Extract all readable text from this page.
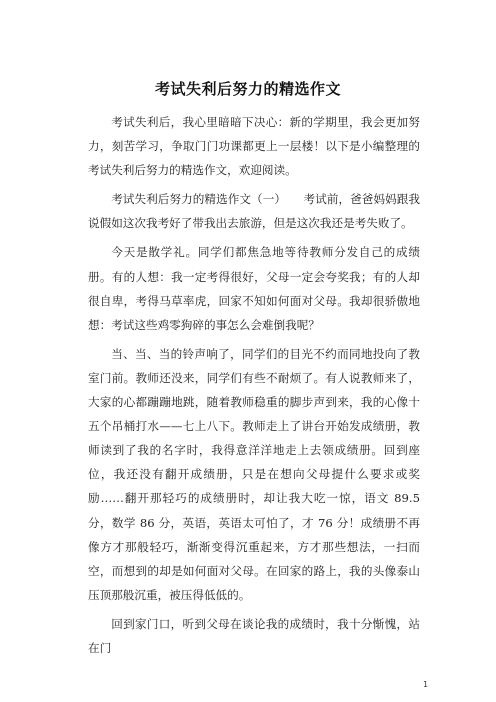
考试失利后努力的精选作文

考试失利后，我心里暗暗下决心：新的学期里，我会更加努力，刻苦学习，争取门门功课都更上一层楼！以下是小编整理的考试失利后努力的精选作文，欢迎阅读。

考试失利后努力的精选作文（一）　　考试前，爸爸妈妈跟我说假如这次我考好了带我出去旅游，但是这次我还是考失败了。

今天是散学礼。同学们都焦急地等待教师分发自己的成绩册。有的人想：我一定考得很好，父母一定会夸奖我；有的人却很自卑，考得马草率虎，回家不知如何面对父母。我却很骄傲地想：考试这些鸡零狗碎的事怎么会难倒我呢？

当、当、当的铃声响了，同学们的目光不约而同地投向了教室门前。教师还没来，同学们有些不耐烦了。有人说教师来了，大家的心都蹦蹦地跳，随着教师稳重的脚步声到来，我的心像十五个吊桶打水——七上八下。教师走上了讲台开始发成绩册，教师读到了我的名字时，我得意洋洋地走上去领成绩册。回到座位，我还没有翻开成绩册，只是在想向父母提什么要求或奖励……翻开那轻巧的成绩册时，却让我大吃一惊，语文 89.5 分，数学 86 分，英语，英语太可怕了，才 76 分！成绩册不再像方才那般轻巧，渐渐变得沉重起来，方才那些想法，一扫而空，而想到的却是如何面对父母。在回家的路上，我的头像泰山压顶那般沉重，被压得低低的。

回到家门口，听到父母在谈论我的成绩时，我十分惭愧，站在门

1
